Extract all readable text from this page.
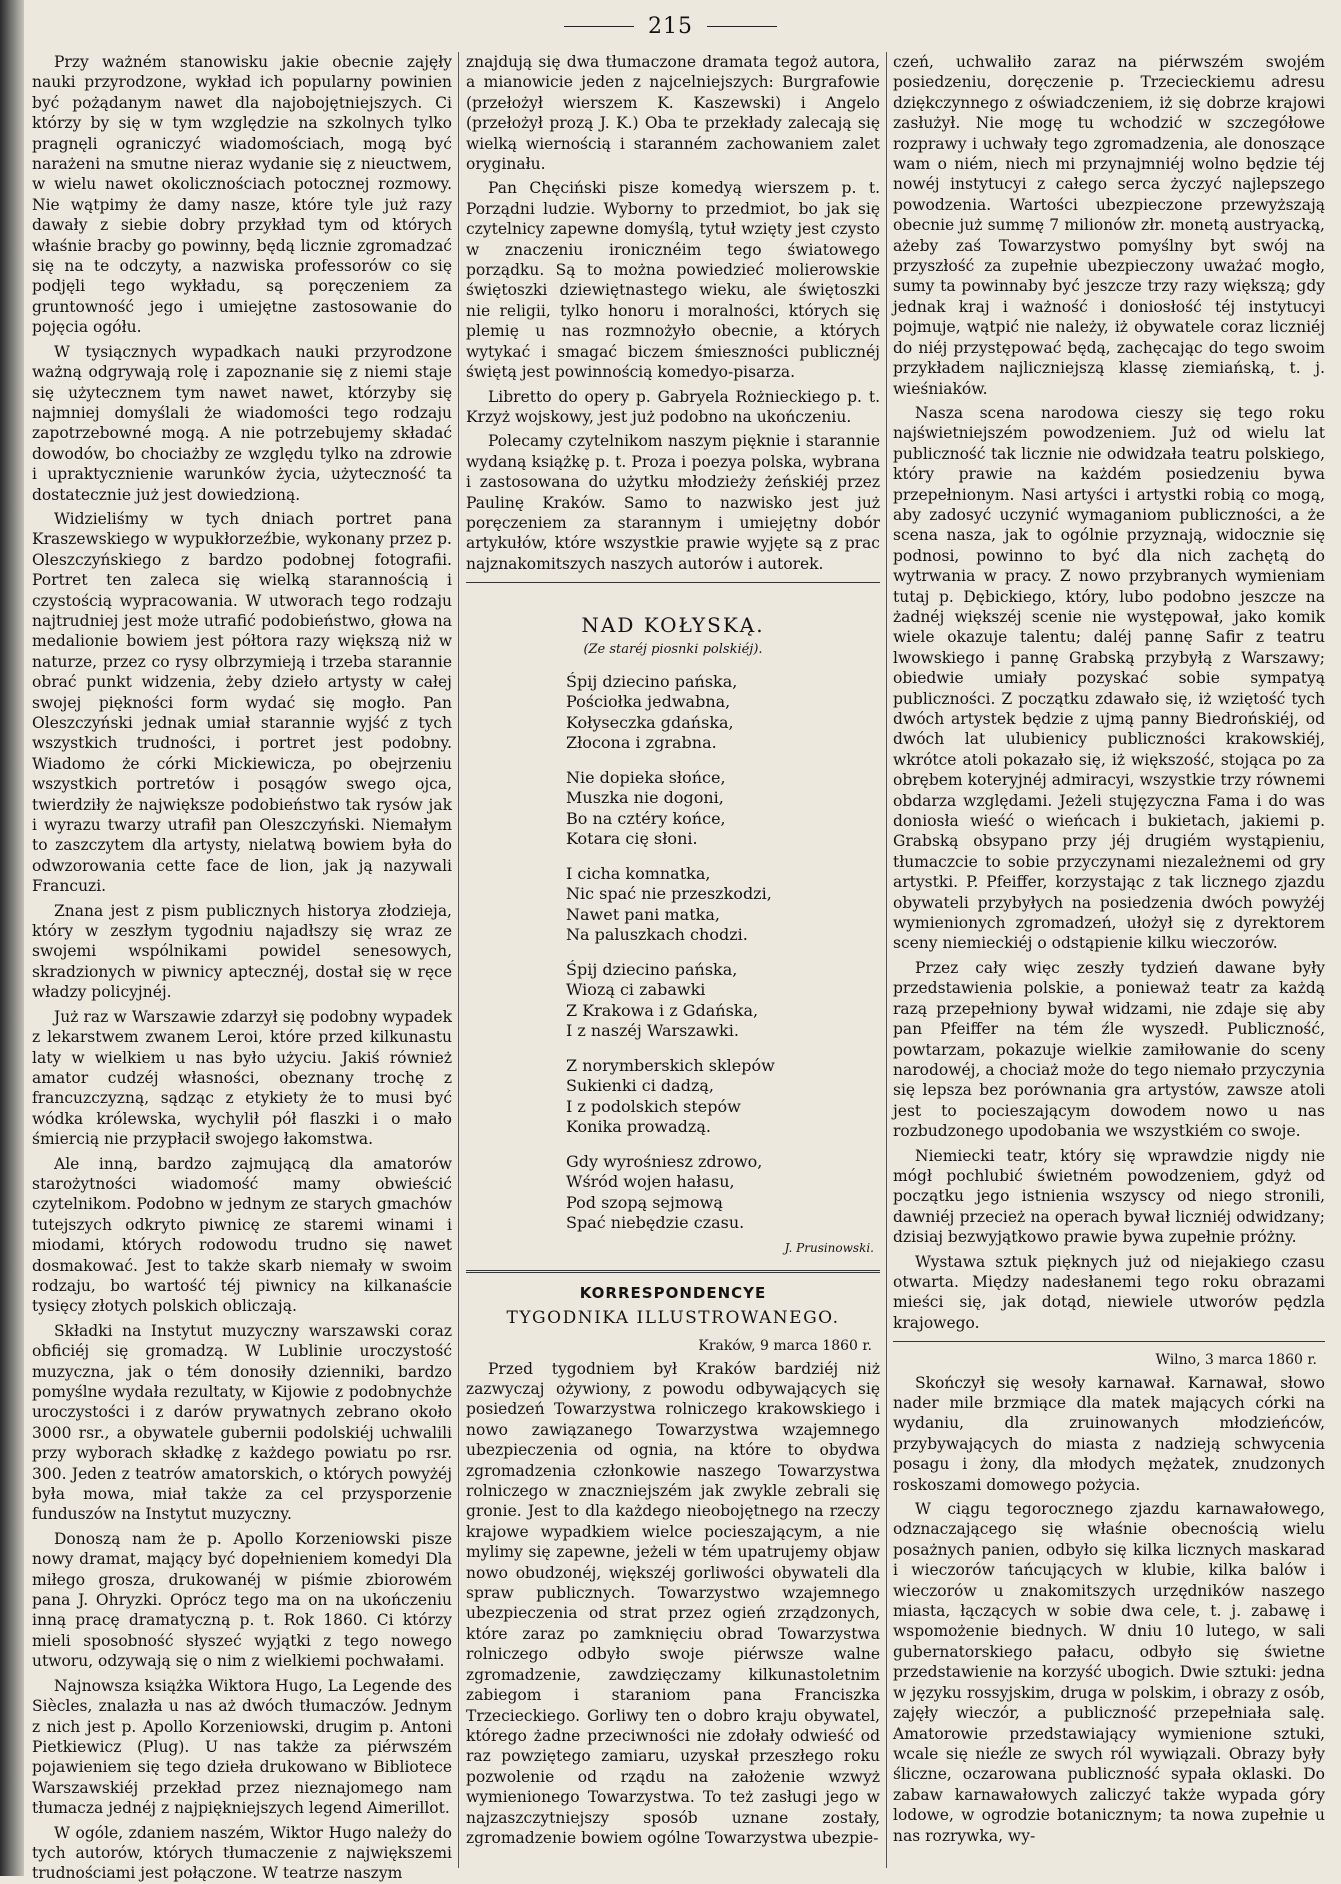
215

Przy ważném stanowisku jakie obecnie zajęły nauki przyrodzone, wykład ich popularny powinien być pożądanym nawet dla najobojętniejszych. Ci którzy by się w tym względzie na szkolnych tylko pragnęli ograniczyć wiadomościach, mogą być narażeni na smutne nieraz wydanie się z nieuctwem, w wielu nawet okolicznościach potocznej rozmowy. Nie wątpimy że damy nasze, które tyle już razy dawały z siebie dobry przykład tym od których właśnie bracby go powinny, będą licznie zgromadzać się na te odczyty, a nazwiska professorów co się podjęli tego wykładu, są poręczeniem za gruntowność jego i umiejętne zastosowanie do pojęcia ogółu.

W tysiącznych wypadkach nauki przyrodzone ważną odgrywają rolę i zapoznanie się z niemi staje się użytecznem tym nawet nawet, którzyby się najmniej domyślali że wiadomości tego rodzaju zapotrzebowné mogą. A nie potrzebujemy składać dowodów, bo chociażby ze względu tylko na zdrowie i upraktycznienie warunków życia, użyteczność ta dostatecznie już jest dowiedzioną.

Widzieliśmy w tych dniach portret pana Kraszewskiego w wypukłorzeźbie, wykonany przez p. Oleszczyńskiego z bardzo podobnej fotografii. Portret ten zaleca się wielką starannością i czystością wypracowania. W utworach tego rodzaju najtrudniej jest może utrafić podobieństwo, głowa na medalionie bowiem jest półtora razy większą niż w naturze, przez co rysy olbrzymieją i trzeba starannie obrać punkt widzenia, żeby dzieło artysty w całej swojej piękności form wydać się mogło. Pan Oleszczyński jednak umiał starannie wyjść z tych wszystkich trudności, i portret jest podobny. Wiadomo że córki Mickiewicza, po obejrzeniu wszystkich portretów i posągów swego ojca, twierdziły że największe podobieństwo tak rysów jak i wyrazu twarzy utrafił pan Oleszczyński. Niemałym to zaszczytem dla artysty, nielatwą bowiem była do odwzorowania cette face de lion, jak ją nazywali Francuzi.

Znana jest z pism publicznych historya złodzieja, który w zeszłym tygodniu najadłszy się wraz ze swojemi wspólnikami powidel senesowych, skradzionych w piwnicy aptecznéj, dostał się w ręce władzy policyjnéj.

Już raz w Warszawie zdarzył się podobny wypadek z lekarstwem zwanem Leroi, które przed kilkunastu laty w wielkiem u nas było użyciu. Jakiś również amator cudzéj własności, obeznany trochę z francuzczyzną, sądząc z etykiety że to musi być wódka królewska, wychylił pół flaszki i o mało śmiercią nie przypłacił swojego łakomstwa.

Ale inną, bardzo zajmującą dla amatorów starożytności wiadomość mamy obwieścić czytelnikom. Podobno w jednym ze starych gmachów tutejszych odkryto piwnicę ze staremi winami i miodami, których rodowodu trudno się nawet dosmakować. Jest to także skarb niemały w swoim rodzaju, bo wartość téj piwnicy na kilkanaście tysięcy złotych polskich obliczają.

Składki na Instytut muzyczny warszawski coraz obficiéj się gromadzą. W Lublinie uroczystość muzyczna, jak o tém donosiły dzienniki, bardzo pomyślne wydała rezultaty, w Kijowie z podobnychże uroczystości i z darów prywatnych zebrano około 3000 rsr., a obywatele gubernii podolskiéj uchwalili przy wyborach składkę z każdego powiatu po rsr. 300. Jeden z teatrów amatorskich, o których powyżéj była mowa, miał także za cel przysporzenie funduszów na Instytut muzyczny.

Donoszą nam że p. Apollo Korzeniowski pisze nowy dramat, mający być dopełnieniem komedyi Dla miłego grosza, drukowanéj w piśmie zbiorowém pana J. Ohryzki. Oprócz tego ma on na ukończeniu inną pracę dramatyczną p. t. Rok 1860. Ci którzy mieli sposobność słyszeć wyjątki z tego nowego utworu, odzywają się o nim z wielkiemi pochwałami.

Najnowsza książka Wiktora Hugo, La Legende des Siècles, znalazła u nas aż dwóch tłumaczów. Jednym z nich jest p. Apollo Korzeniowski, drugim p. Antoni Pietkiewicz (Plug). U nas także za piérwszém pojawieniem się tego dzieła drukowano w Bibliotece Warszawskiéj przekład przez nieznajomego nam tłumacza jednéj z najpiękniejszych legend Aimerillot.

W ogóle, zdaniem naszém, Wiktor Hugo należy do tych autorów, których tłumaczenie z największemi trudnościami jest połączone. W teatrze naszym

znajdują się dwa tłumaczone dramata tegoż autora, a mianowicie jeden z najcelniejszych: Burgrafowie (przełożył wierszem K. Kaszewski) i Angelo (przełożył prozą J. K.) Oba te przekłady zalecają się wielką wiernością i staranném zachowaniem zalet oryginału.

Pan Chęciński pisze komedyą wierszem p. t. Porządni ludzie. Wyborny to przedmiot, bo jak się czytelnicy zapewne domyślą, tytuł wzięty jest czysto w znaczeniu ironicznéim tego światowego porządku. Są to można powiedzieć molierowskie świętoszki dziewiętnastego wieku, ale świętoszki nie religii, tylko honoru i moralności, których się plemię u nas rozmnożyło obecnie, a których wytykać i smagać biczem śmieszności publicznéj świętą jest powinnością komedyo-pisarza.

Libretto do opery p. Gabryela Rożnieckiego p. t. Krzyż wojskowy, jest już podobno na ukończeniu.

Polecamy czytelnikom naszym pięknie i starannie wydaną książkę p. t. Proza i poezya polska, wybrana i zastosowana do użytku młodzieży żeńskiéj przez Paulinę Kraków. Samo to nazwisko jest już poręczeniem za starannym i umiejętny dobór artykułów, które wszystkie prawie wyjęte są z prac najznakomitszych naszych autorów i autorek.

NAD KOŁYSKĄ.
(Ze staréj piosnki polskiéj).
Śpij dziecino pańska,
Pościołka jedwabna,
Kołyseczka gdańska,
Złocona i zgrabna.
Nie dopieka słońce,
Muszka nie dogoni,
Bo na cztéry końce,
Kotara cię słoni.
I cicha komnatka,
Nic spać nie przeszkodzi,
Nawet pani matka,
Na paluszkach chodzi.
Śpij dziecino pańska,
Wiozą ci zabawki
Z Krakowa i z Gdańska,
I z naszéj Warszawki.
Z norymberskich sklepów
Sukienki ci dadzą,
I z podolskich stepów
Konika prowadzą.
Gdy wyrośniesz zdrowo,
Wśród wojen hałasu,
Pod szopą sejmową
Spać niebędzie czasu.
J. Prusinowski.
KORRESPONDENCYE
TYGODNIKA ILLUSTROWANEGO.
Kraków, 9 marca 1860 r.

Przed tygodniem był Kraków bardziéj niż zazwyczaj ożywiony, z powodu odbywających się posiedzeń Towarzystwa rolniczego krakowskiego i nowo zawiązanego Towarzystwa wzajemnego ubezpieczenia od ognia, na które to obydwa zgromadzenia członkowie naszego Towarzystwa rolniczego w znaczniejszém jak zwykle zebrali się gronie. Jest to dla każdego nieobojętnego na rzeczy krajowe wypadkiem wielce pocieszającym, a nie mylimy się zapewne, jeżeli w tém upatrujemy objaw nowo obudzonéj, większéj gorliwości obywateli dla spraw publicznych. Towarzystwo wzajemnego ubezpieczenia od strat przez ogień zrządzonych, które zaraz po zamknięciu obrad Towarzystwa rolniczego odbyło swoje piérwsze walne zgromadzenie, zawdzięczamy kilkunastoletnim zabiegom i staraniom pana Franciszka Trzecieckiego. Gorliwy ten o dobro kraju obywatel, którego żadne przeciwności nie zdołały odwieść od raz powziętego zamiaru, uzyskał przeszłego roku pozwolenie od rządu na założenie wzwyż wymienionego Towarzystwa. To też zasługi jego w najzaszczytniejszy sposób uznane zostały, zgromadzenie bowiem ogólne Towarzystwa ubezpie-

czeń, uchwaliło zaraz na piérwszém swojém posiedzeniu, doręczenie p. Trzecieckiemu adresu dziękczynnego z oświadczeniem, iż się dobrze krajowi zasłużył. Nie mogę tu wchodzić w szczegółowe rozprawy i uchwały tego zgromadzenia, ale donoszące wam o niém, niech mi przynajmniéj wolno będzie téj nowéj instytucyi z całego serca życzyć najlepszego powodzenia. Wartości ubezpieczone przewyższają obecnie już summę 7 milionów złr. monetą austryacką, ażeby zaś Towarzystwo pomyślny byt swój na przyszłość za zupełnie ubezpieczony uważać mogło, sumy ta powinnaby być jeszcze trzy razy większą; gdy jednak kraj i ważność i doniosłość téj instytucyi pojmuje, wątpić nie należy, iż obywatele coraz liczniéj do niéj przystępować będą, zachęcając do tego swoim przykładem najliczniejszą klassę ziemiańską, t. j. wieśniaków.

Nasza scena narodowa cieszy się tego roku najświetniejszém powodzeniem. Już od wielu lat publiczność tak licznie nie odwidzała teatru polskiego, który prawie na każdém posiedzeniu bywa przepełnionym. Nasi artyści i artystki robią co mogą, aby zadosyć uczynić wymaganiom publiczności, a że scena nasza, jak to ogólnie przyznają, widocznie się podnosi, powinno to być dla nich zachętą do wytrwania w pracy. Z nowo przybranych wymieniam tutaj p. Dębickiego, który, lubo podobno jeszcze na żadnéj większéj scenie nie występował, jako komik wiele okazuje talentu; daléj pannę Safir z teatru lwowskiego i pannę Grabską przybyłą z Warszawy; obiedwie umiały pozyskać sobie sympatyą publiczności. Z początku zdawało się, iż wziętość tych dwóch artystek będzie z ujmą panny Biedrońskiéj, od dwóch lat ulubienicy publiczności krakowskiéj, wkrótce atoli pokazało się, iż większość, stojąca po za obrębem koteryjnéj admiracyi, wszystkie trzy równemi obdarza względami. Jeżeli stujęzyczna Fama i do was doniosła wieść o wieńcach i bukietach, jakiemi p. Grabską obsypano przy jéj drugiém wystąpieniu, tłumaczcie to sobie przyczynami niezależnemi od gry artystki. P. Pfeiffer, korzystając z tak licznego zjazdu obywateli przybyłych na posiedzenia dwóch powyżéj wymienionych zgromadzeń, ułożył się z dyrektorem sceny niemieckiéj o odstąpienie kilku wieczorów.

Przez cały więc zeszły tydzień dawane były przedstawienia polskie, a ponieważ teatr za każdą razą przepełniony bywał widzami, nie zdaje się aby pan Pfeiffer na tém źle wyszedł. Publiczność, powtarzam, pokazuje wielkie zamiłowanie do sceny narodowéj, a chociaż może do tego niemało przyczynia się lepsza bez porównania gra artystów, zawsze atoli jest to pocieszającym dowodem nowo u nas rozbudzonego upodobania we wszystkiém co swoje.

Niemiecki teatr, który się wprawdzie nigdy nie mógł pochlubić świetném powodzeniem, gdyż od początku jego istnienia wszyscy od niego stronili, dawniéj przecież na operach bywał liczniéj odwidzany; dzisiaj bezwyjątkowo prawie bywa zupełnie próżny.

Wystawa sztuk pięknych już od niejakiego czasu otwarta. Między nadesłanemi tego roku obrazami mieści się, jak dotąd, niewiele utworów pędzla krajowego.

Wilno, 3 marca 1860 r.

Skończył się wesoły karnawał. Karnawał, słowo nader mile brzmiące dla matek mających córki na wydaniu, dla zruinowanych młodzieńców, przybywających do miasta z nadzieją schwycenia posagu i żony, dla młodych mężatek, znudzonych roskoszami domowego pożycia.

W ciągu tegorocznego zjazdu karnawałowego, odznaczającego się właśnie obecnością wielu posażnych panien, odbyło się kilka licznych maskarad i wieczorów tańcujących w klubie, kilka balów i wieczorów u znakomitszych urzędników naszego miasta, łączących w sobie dwa cele, t. j. zabawę i wspomożenie biednych. W dniu 10 lutego, w sali gubernatorskiego pałacu, odbyło się świetne przedstawienie na korzyść ubogich. Dwie sztuki: jedna w języku rossyjskim, druga w polskim, i obrazy z osób, zajęły wieczór, a publiczność przepełniała salę. Amatorowie przedstawiający wymienione sztuki, wcale się nieźle ze swych ról wywiązali. Obrazy były śliczne, oczarowana publiczność sypała oklaski. Do zabaw karnawałowych zaliczyć także wypada góry lodowe, w ogrodzie botanicznym; ta nowa zupełnie u nas rozrywka, wy-
